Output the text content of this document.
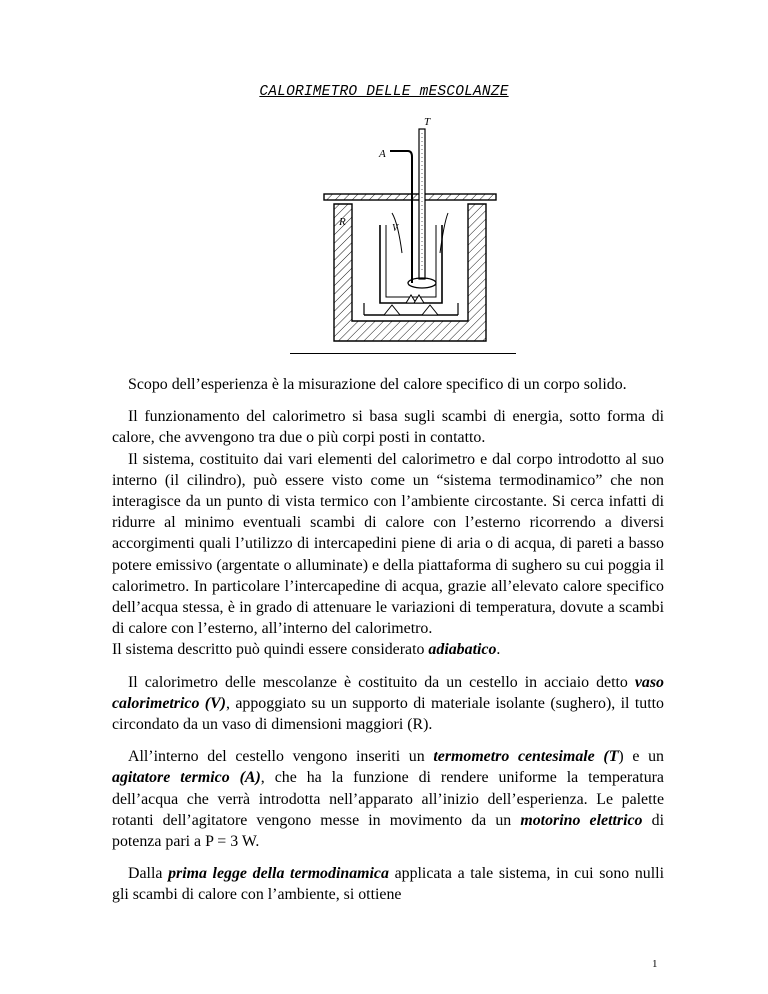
CALORIMETRO DELLE mESCOLANZE
T
A
R
V

Scopo dell’esperienza è la misurazione del calore specifico di un corpo solido.

Il funzionamento del calorimetro si basa sugli scambi di energia, sotto forma di calore, che avvengono tra due o più corpi posti in contatto.

Il sistema, costituito dai vari elementi del calorimetro e dal corpo introdotto al suo interno (il cilindro), può essere visto come un “sistema termodinamico” che non interagisce da un punto di vista termico con l’ambiente circostante. Si cerca infatti di ridurre al minimo eventuali scambi di calore con l’esterno ricorrendo a diversi accorgimenti quali l’utilizzo di intercapedini piene di aria o di acqua, di pareti a basso potere emissivo (argentate o alluminate) e della piattaforma di sughero su cui poggia il calorimetro. In particolare l’intercapedine di acqua, grazie all’elevato calore specifico dell’acqua stessa, è in grado di attenuare le variazioni di temperatura, dovute a scambi di calore con l’esterno, all’interno del calorimetro.

Il sistema descritto può quindi essere considerato adiabatico.

Il calorimetro delle mescolanze è costituito da un cestello in acciaio detto vaso calorimetrico (V), appoggiato su un supporto di materiale isolante (sughero), il tutto circondato da un vaso di dimensioni maggiori (R).

All’interno del cestello vengono inseriti un termometro centesimale (T) e un agitatore termico (A), che ha la funzione di rendere uniforme la temperatura dell’acqua che verrà introdotta nell’apparato all’inizio dell’esperienza. Le palette rotanti dell’agitatore vengono messe in movimento da un motorino elettrico di potenza pari a P = 3 W.

Dalla prima legge della termodinamica applicata a tale sistema, in cui sono nulli gli scambi di calore con l’ambiente, si ottiene

1
